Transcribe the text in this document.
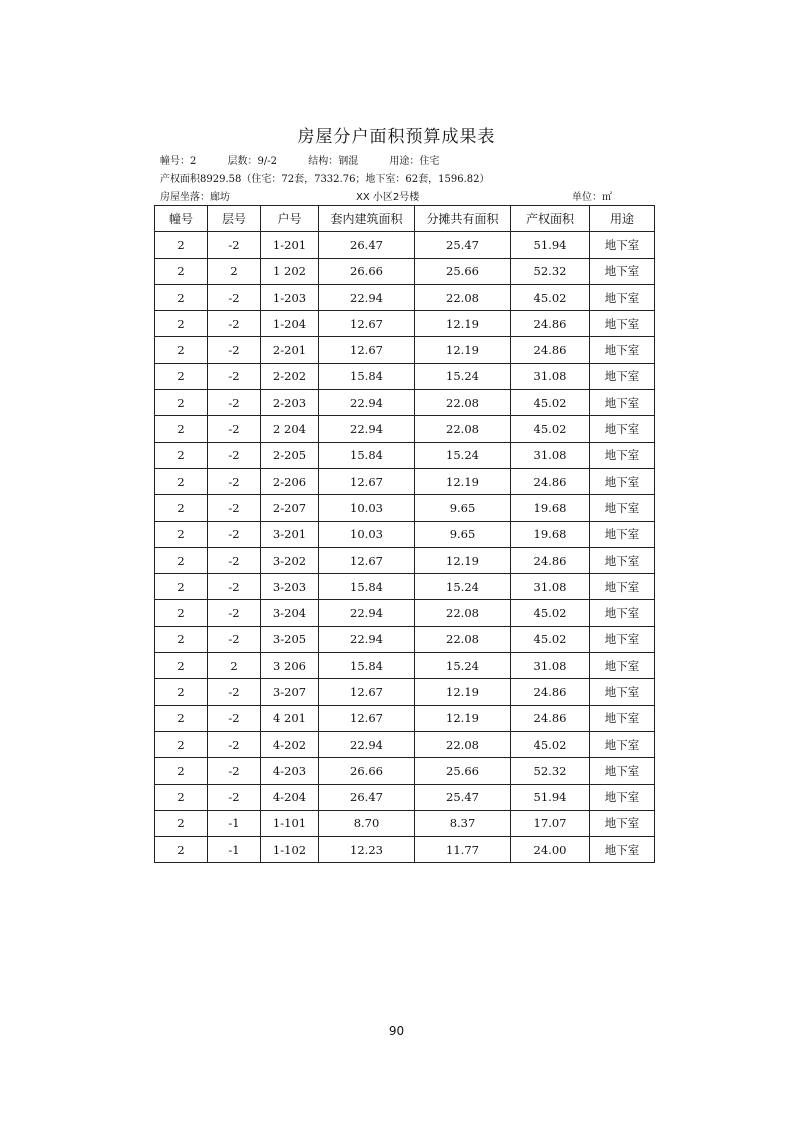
房屋分户面积预算成果表
幢号：2	层数：9/-2	结构：钢混	用途：住宅
产权面积8929.58（住宅：72套，7332.76；地下室：62套，1596.82）
房屋坐落：廊坊	XX 小区2号楼	单位：㎡
幢号	层号	户号	套内建筑面积	分摊共有面积	产权面积	用途
2	-2	1-201	26.47	25.47	51.94	地下室
2	2	1 202	26.66	25.66	52.32	地下室
2	-2	1-203	22.94	22.08	45.02	地下室
2	-2	1-204	12.67	12.19	24.86	地下室
2	-2	2-201	12.67	12.19	24.86	地下室
2	-2	2-202	15.84	15.24	31.08	地下室
2	-2	2-203	22.94	22.08	45.02	地下室
2	-2	2 204	22.94	22.08	45.02	地下室
2	-2	2-205	15.84	15.24	31.08	地下室
2	-2	2-206	12.67	12.19	24.86	地下室
2	-2	2-207	10.03	9.65	19.68	地下室
2	-2	3-201	10.03	9.65	19.68	地下室
2	-2	3-202	12.67	12.19	24.86	地下室
2	-2	3-203	15.84	15.24	31.08	地下室
2	-2	3-204	22.94	22.08	45.02	地下室
2	-2	3-205	22.94	22.08	45.02	地下室
2	2	3 206	15.84	15.24	31.08	地下室
2	-2	3-207	12.67	12.19	24.86	地下室
2	-2	4 201	12.67	12.19	24.86	地下室
2	-2	4-202	22.94	22.08	45.02	地下室
2	-2	4-203	26.66	25.66	52.32	地下室
2	-2	4-204	26.47	25.47	51.94	地下室
2	-1	1-101	8.70	8.37	17.07	地下室
2	-1	1-102	12.23	11.77	24.00	地下室
90
